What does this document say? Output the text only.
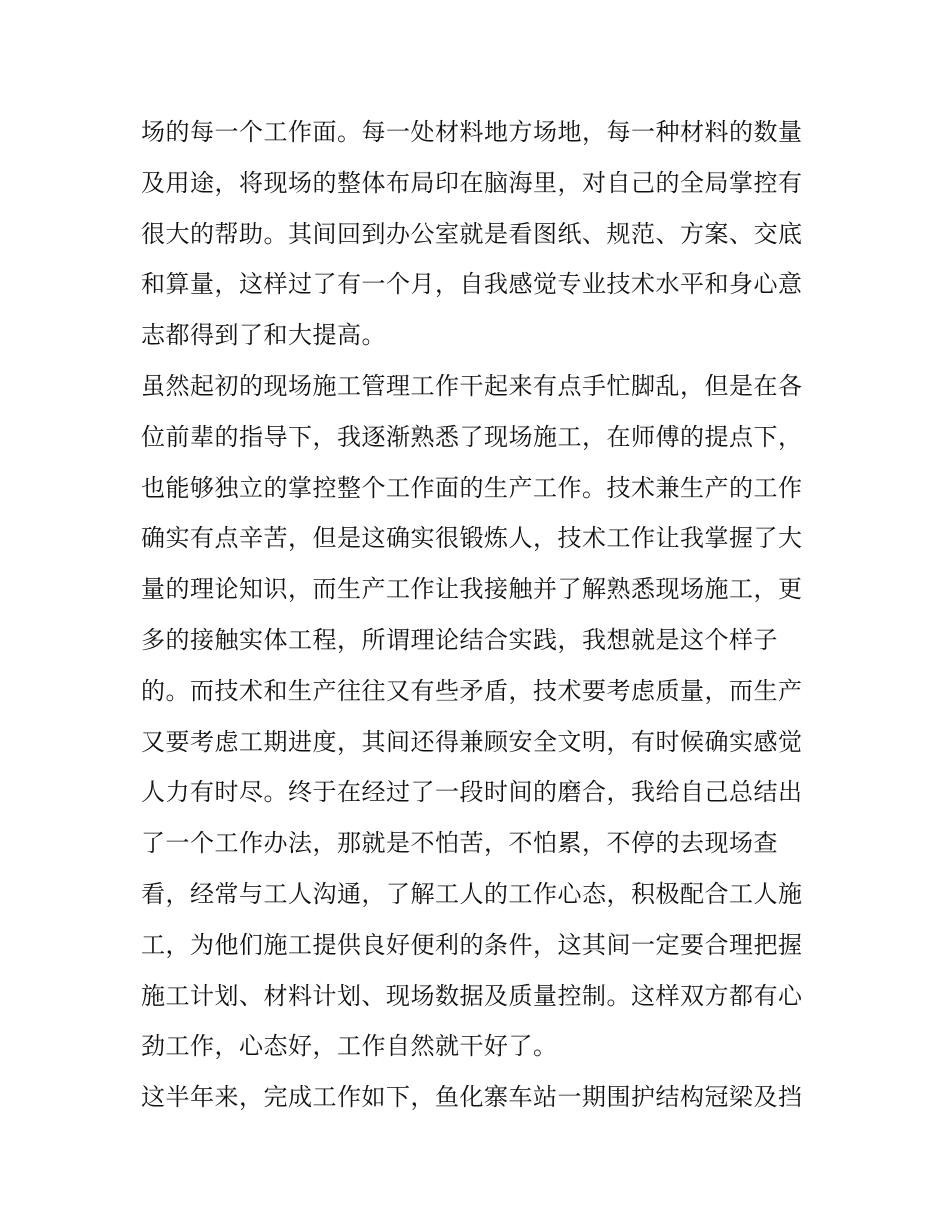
场的每一个工作面。每一处材料地方场地，每一种材料的数量
及用途，将现场的整体布局印在脑海里，对自己的全局掌控有
很大的帮助。其间回到办公室就是看图纸、规范、方案、交底
和算量，这样过了有一个月，自我感觉专业技术水平和身心意
志都得到了和大提高。
虽然起初的现场施工管理工作干起来有点手忙脚乱，但是在各
位前辈的指导下，我逐渐熟悉了现场施工，在师傅的提点下，
也能够独立的掌控整个工作面的生产工作。技术兼生产的工作
确实有点辛苦，但是这确实很锻炼人，技术工作让我掌握了大
量的理论知识，而生产工作让我接触并了解熟悉现场施工，更
多的接触实体工程，所谓理论结合实践，我想就是这个样子
的。而技术和生产往往又有些矛盾，技术要考虑质量，而生产
又要考虑工期进度，其间还得兼顾安全文明，有时候确实感觉
人力有时尽。终于在经过了一段时间的磨合，我给自己总结出
了一个工作办法，那就是不怕苦，不怕累，不停的去现场查
看，经常与工人沟通，了解工人的工作心态，积极配合工人施
工，为他们施工提供良好便利的条件，这其间一定要合理把握
施工计划、材料计划、现场数据及质量控制。这样双方都有心
劲工作，心态好，工作自然就干好了。
这半年来，完成工作如下，鱼化寨车站一期围护结构冠梁及挡
